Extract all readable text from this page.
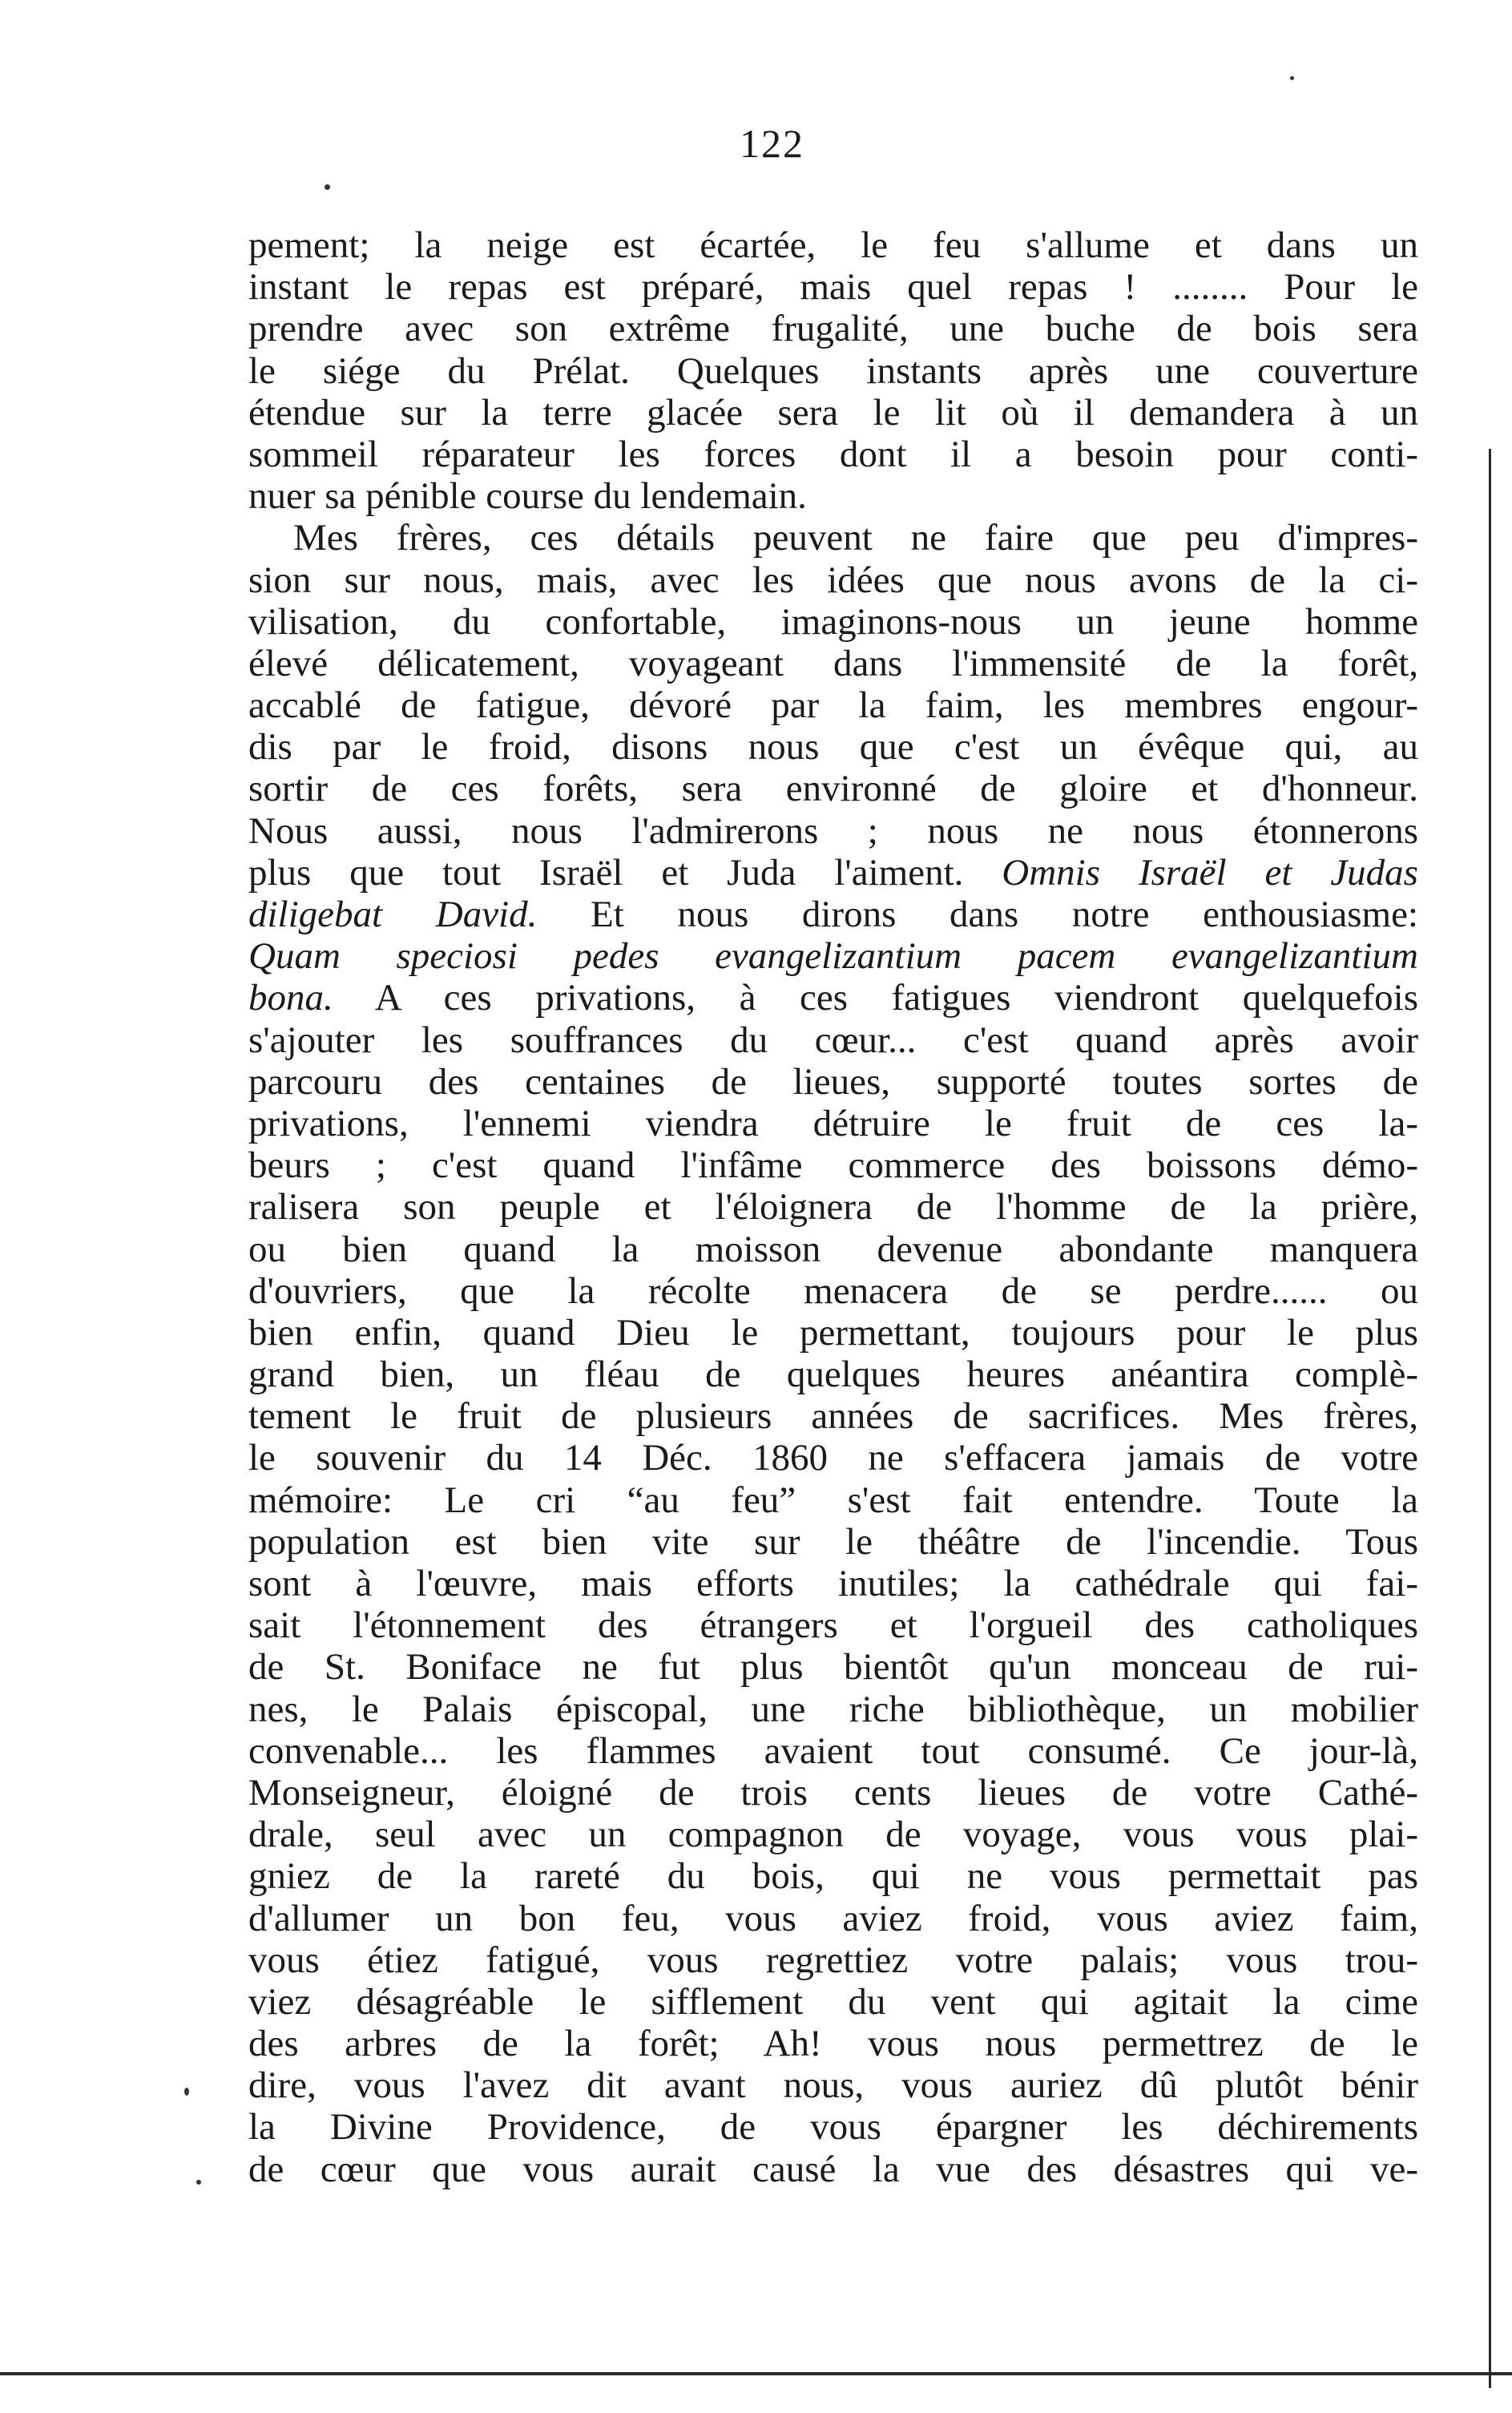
122
pement; la neige est écartée, le feu s'allume et dans un
instant le repas est préparé, mais quel repas ! ........ Pour le
prendre avec son extrême frugalité, une buche de bois sera
le siége du Prélat. Quelques instants après une couverture
étendue sur la terre glacée sera le lit où il demandera à un
sommeil réparateur les forces dont il a besoin pour conti-
nuer sa pénible course du lendemain.
Mes frères, ces détails peuvent ne faire que peu d'impres-
sion sur nous, mais, avec les idées que nous avons de la ci-
vilisation, du confortable, imaginons-nous un jeune homme
élevé délicatement, voyageant dans l'immensité de la forêt,
accablé de fatigue, dévoré par la faim, les membres engour-
dis par le froid, disons nous que c'est un évêque qui, au
sortir de ces forêts, sera environné de gloire et d'honneur.
Nous aussi, nous l'admirerons ; nous ne nous étonnerons
plus que tout Israël et Juda l'aiment. Omnis Israël et Judas
diligebat David. Et nous dirons dans notre enthousiasme:
Quam speciosi pedes evangelizantium pacem evangelizantium
bona. A ces privations, à ces fatigues viendront quelquefois
s'ajouter les souffrances du cœur... c'est quand après avoir
parcouru des centaines de lieues, supporté toutes sortes de
privations, l'ennemi viendra détruire le fruit de ces la-
beurs ; c'est quand l'infâme commerce des boissons démo-
ralisera son peuple et l'éloignera de l'homme de la prière,
ou bien quand la moisson devenue abondante manquera
d'ouvriers, que la récolte menacera de se perdre...... ou
bien enfin, quand Dieu le permettant, toujours pour le plus
grand bien, un fléau de quelques heures anéantira complè-
tement le fruit de plusieurs années de sacrifices. Mes frères,
le souvenir du 14 Déc. 1860 ne s'effacera jamais de votre
mémoire: Le cri “au feu” s'est fait entendre. Toute la
population est bien vite sur le théâtre de l'incendie. Tous
sont à l'œuvre, mais efforts inutiles; la cathédrale qui fai-
sait l'étonnement des étrangers et l'orgueil des catholiques
de St. Boniface ne fut plus bientôt qu'un monceau de rui-
nes, le Palais épiscopal, une riche bibliothèque, un mobilier
convenable... les flammes avaient tout consumé. Ce jour-là,
Monseigneur, éloigné de trois cents lieues de votre Cathé-
drale, seul avec un compagnon de voyage, vous vous plai-
gniez de la rareté du bois, qui ne vous permettait pas
d'allumer un bon feu, vous aviez froid, vous aviez faim,
vous étiez fatigué, vous regrettiez votre palais; vous trou-
viez désagréable le sifflement du vent qui agitait la cime
des arbres de la forêt; Ah! vous nous permettrez de le
dire, vous l'avez dit avant nous, vous auriez dû plutôt bénir
la Divine Providence, de vous épargner les déchirements
de cœur que vous aurait causé la vue des désastres qui ve-
